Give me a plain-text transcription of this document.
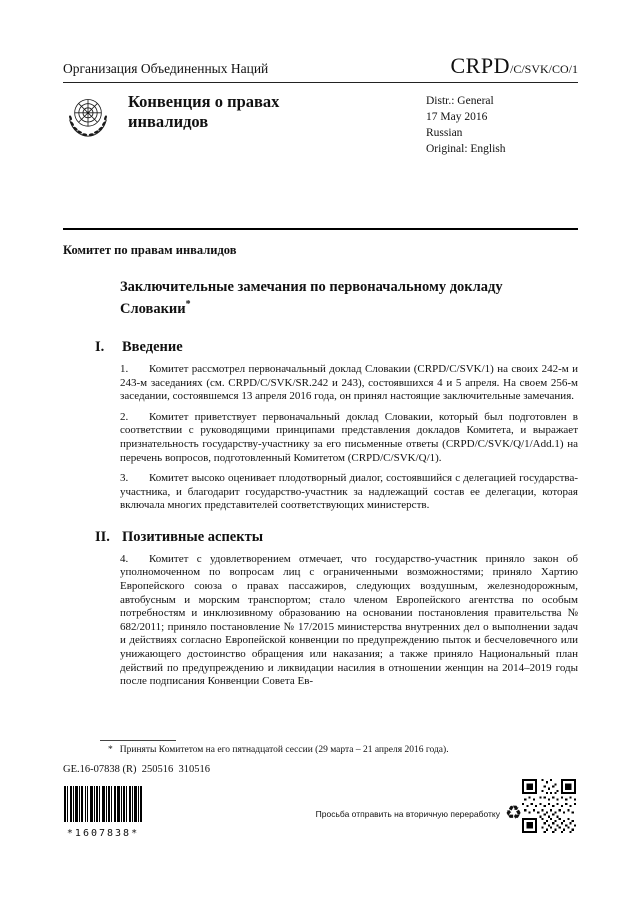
Организация Объединенных Наций	CRPD/C/SVK/CO/1
Конвенция о правах инвалидов
Distr.: General
17 May 2016
Russian
Original: English
Комитет по правам инвалидов
Заключительные замечания по первоначальному докладу Словакии*
I.	Введение

1. Комитет рассмотрел первоначальный доклад Словакии (CRPD/C/SVK/1) на своих 242-м и 243-м заседаниях (см. CRPD/C/SVK/SR.242 и 243), состоявшихся 4 и 5 апреля. На своем 256-м заседании, состоявшемся 13 апреля 2016 года, он принял настоящие заключительные замечания.

2. Комитет приветствует первоначальный доклад Словакии, который был подготовлен в соответствии с руководящими принципами представления докладов Комитета, и выражает признательность государству-участнику за его письменные ответы (CRPD/C/SVK/Q/1/Add.1) на перечень вопросов, подготовленный Комитетом (CRPD/C/SVK/Q/1).

3. Комитет высоко оценивает плодотворный диалог, состоявшийся с делегацией государства-участника, и благодарит государство-участник за надлежащий состав ее делегации, которая включала многих представителей соответствующих министерств.

II. Позитивные аспекты

4. Комитет с удовлетворением отмечает, что государство-участник приняло закон об уполномоченном по вопросам лиц с ограниченными возможностями; приняло Хартию Европейского союза о правах пассажиров, следующих воздушным, железнодорожным, автобусным и морским транспортом; стало членом Европейского агентства по особым потребностям и инклюзивному образованию на основании постановления правительства № 682/2011; приняло постановление № 17/2015 министерства внутренних дел о выполнении задач и действиях согласно Европейской конвенции по предупреждению пыток и бесчеловечного или унижающего достоинство обращения или наказания; а также приняло Национальный план действий по предупреждению и ликвидации насилия в отношении женщин на 2014–2019 годы после подписания Конвенции Совета Ев-

* Приняты Комитетом на его пятнадцатой сессии (29 марта – 21 апреля 2016 года).
GE.16-07838 (R)  250516  310516
*1607838*
Просьба отправить на вторичную переработку ♻
